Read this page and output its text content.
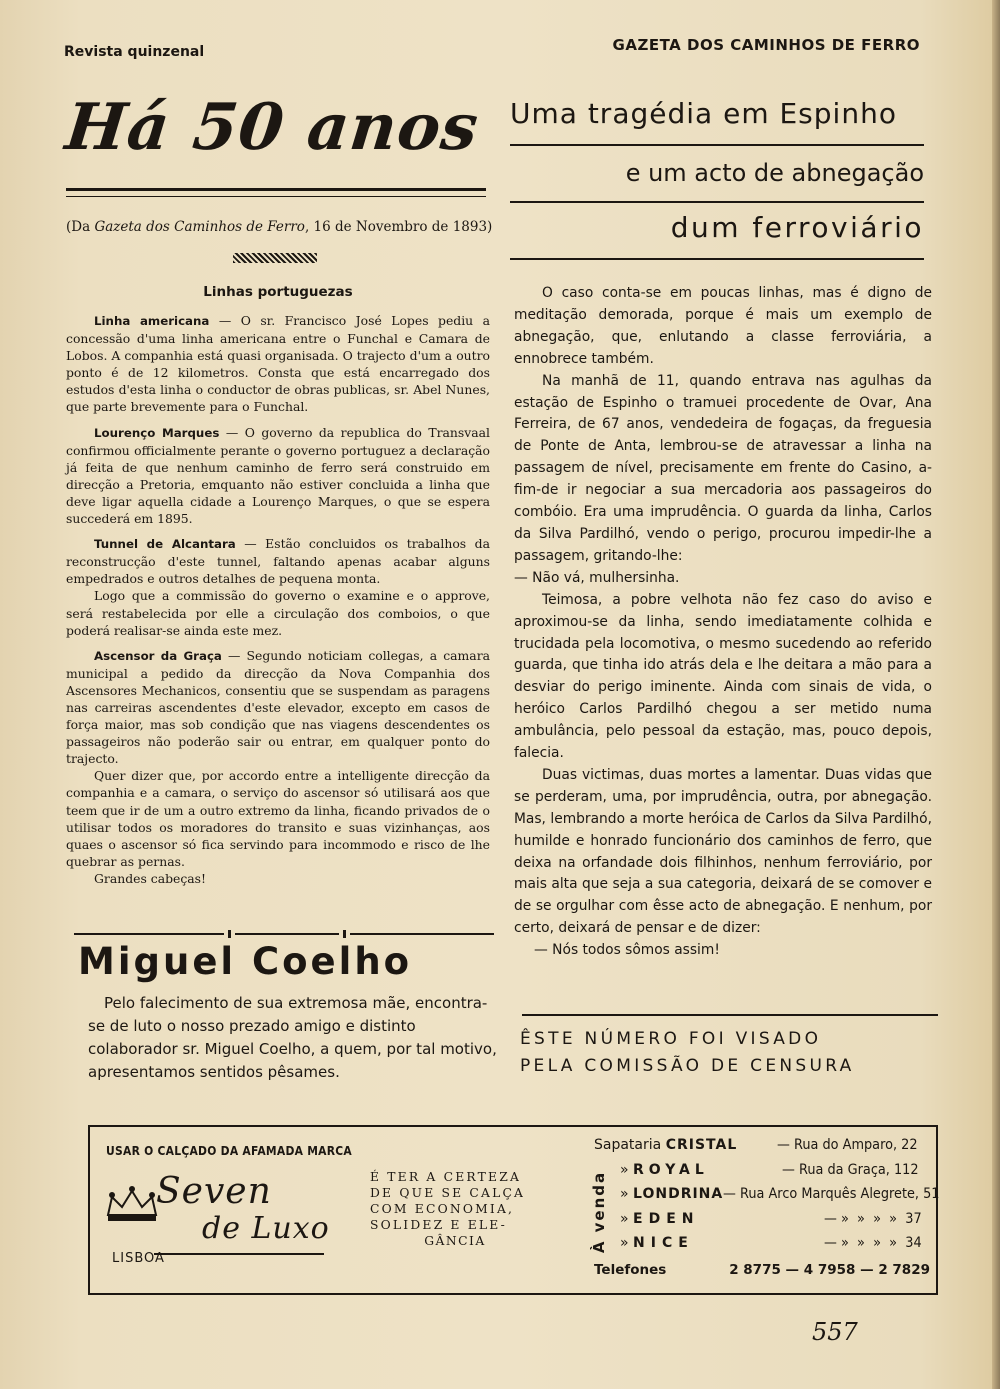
Revista quinzenal	GAZETA DOS CAMINHOS DE FERRO
Há 50 anos
(Da Gazeta dos Caminhos de Ferro, 16 de Novembro de 1893)
Linhas portuguezas

Linha americana — O sr. Francisco José Lopes pediu a concessão d'uma linha americana entre o Funchal e Camara de Lobos. A companhia está quasi organisada. O trajecto d'um a outro ponto é de 12 kilometros. Consta que está encarregado dos estudos d'esta linha o conductor de obras publicas, sr. Abel Nunes, que parte brevemente para o Funchal.

Lourenço Marques — O governo da republica do Transvaal confirmou officialmente perante o governo portuguez a declaração já feita de que nenhum caminho de ferro será construido em direcção a Pretoria, emquanto não estiver concluida a linha que deve ligar aquella cidade a Lourenço Marques, o que se espera succederá em 1895.

Tunnel de Alcantara — Estão concluidos os trabalhos da reconstrucção d'este tunnel, faltando apenas acabar alguns empedrados e outros detalhes de pequena monta.

Logo que a commissão do governo o examine e o approve, será restabelecida por elle a circulação dos comboios, o que poderá realisar-se ainda este mez.

Ascensor da Graça — Segundo noticiam collegas, a camara municipal a pedido da direcção da Nova Companhia dos Ascensores Mechanicos, consentiu que se suspendam as paragens nas carreiras ascendentes d'este elevador, excepto em casos de força maior, mas sob condição que nas viagens descendentes os passageiros não poderão sair ou entrar, em qualquer ponto do trajecto.

Quer dizer que, por accordo entre a intelligente direcção da companhia e a camara, o serviço do ascensor só utilisará aos que teem que ir de um a outro extremo da linha, ficando privados de o utilisar todos os moradores do transito e suas vizinhanças, aos quaes o ascensor só fica servindo para incommodo e risco de lhe quebrar as pernas.

Grandes cabeças!

Miguel Coelho

Pelo falecimento de sua extremosa mãe, encontra-se de luto o nosso prezado amigo e distinto colaborador sr. Miguel Coelho, a quem, por tal motivo, apresentamos sentidos pêsames.

Uma tragédia em Espinho
e um acto de abnegação
dum ferroviário

O caso conta-se em poucas linhas, mas é digno de meditação demorada, porque é mais um exemplo de abnegação, que, enlutando a classe ferroviária, a ennobrece também.

Na manhã de 11, quando entrava nas agulhas da estação de Espinho o tramuei procedente de Ovar, Ana Ferreira, de 67 anos, vendedeira de fogaças, da freguesia de Ponte de Anta, lembrou-se de atravessar a linha na passagem de nível, precisamente em frente do Casino, a-fim-de ir negociar a sua mercadoria aos passageiros do combóio. Era uma imprudência. O guarda da linha, Carlos da Silva Pardilhó, vendo o perigo, procurou impedir-lhe a passagem, gritando-lhe:

— Não vá, mulhersinha.

Teimosa, a pobre velhota não fez caso do aviso e aproximou-se da linha, sendo imediatamente colhida e trucidada pela locomotiva, o mesmo sucedendo ao referido guarda, que tinha ido atrás dela e lhe deitara a mão para a desviar do perigo iminente. Ainda com sinais de vida, o heróico Carlos Pardilhó chegou a ser metido numa ambulância, pelo pessoal da estação, mas, pouco depois, falecia.

Duas victimas, duas mortes a lamentar. Duas vidas que se perderam, uma, por imprudência, outra, por abnegação. Mas, lembrando a morte heróica de Carlos da Silva Pardilhó, humilde e honrado funcionário dos caminhos de ferro, que deixa na orfandade dois filhinhos, nenhum ferroviário, por mais alta que seja a sua categoria, deixará de se comover e de se orgulhar com êsse acto de abnegação. E nenhum, por certo, deixará de pensar e de dizer:

— Nós todos sômos assim!

ÊSTE NÚMERO FOI VISADO
PELA COMISSÃO DE CENSURA
USAR O CALÇADO DA AFAMADA MARCA
Seven
de Luxo
LISBOA
É TER A CERTEZA
DE QUE SE CALÇA
COM ECONOMIA,
SOLIDEZ E ELE-
GÂNCIA	À venda
Sapataria CRISTAL	— Rua do Amparo, 22
» ROYAL	— Rua da Graça, 112
» LONDRINA — Rua Arco Marquês Alegrete, 51
» EDEN	— »  »  »  »  37
» NICE	— »  »  »  »  34
Telefones	2 8775 — 4 7958 — 2 7829
557
